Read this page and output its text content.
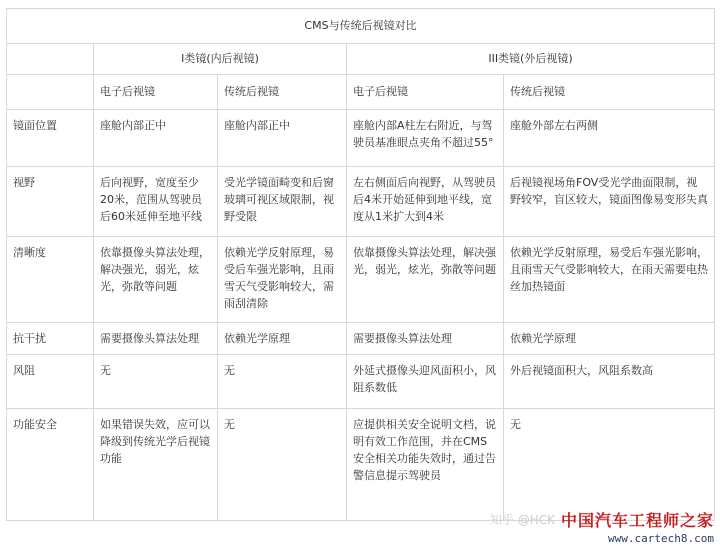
CMS与传统后视镜对比				
	I类镜(内后视镜)		III类镜(外后视镜)	
	电子后视镜	传统后视镜	电子后视镜	传统后视镜
镜面位置	座舱内部正中	座舱内部正中	座舱内部A柱左右附近，与驾驶员基准眼点夹角不超过55°	座舱外部左右两侧
视野	后向视野，宽度至少20米，范围从驾驶员后60米延伸至地平线	受光学镜面畸变和后窗玻璃可视区域限制，视野受限	左右侧面后向视野，从驾驶员后4米开始延伸到地平线，宽度从1米扩大到4米	后视镜视场角FOV受光学曲面限制，视野较窄，盲区较大，镜面图像易变形失真
清晰度	依靠摄像头算法处理，解决强光，弱光，炫光，弥散等问题	依赖光学反射原理，易受后车强光影响，且雨雪天气受影响较大，需雨刮清除	依靠摄像头算法处理，解决强光，弱光，炫光，弥散等问题	依赖光学反射原理，易受后车强光影响，且雨雪天气受影响较大，在雨天需要电热丝加热镜面
抗干扰	需要摄像头算法处理	依赖光学原理	需要摄像头算法处理	依赖光学原理
风阻	无	无	外延式摄像头迎风面积小，风阻系数低	外后视镜面积大，风阻系数高
功能安全	如果错误失效，应可以降级到传统光学后视镜功能	无	应提供相关安全说明文档，说明有效工作范围，并在CMS安全相关功能失效时，通过告警信息提示驾驶员	无
知乎 @HCK 中国汽车工程师之家
www.cartech8.com
